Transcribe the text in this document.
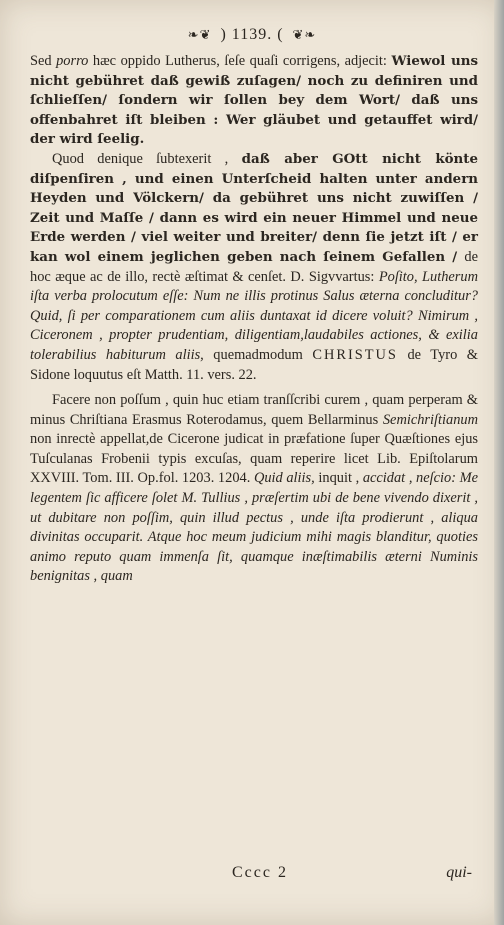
❧❦ ) 1139. ( ❦❧

Sed porro hæc oppido Lutherus, ſeſe quaſi corrigens, adjecit: Wiewol uns nicht gebühret daß gewiß zuſagen/ noch zu definiren und ſchlieſſen/ ſondern wir ſollen bey dem Wort/ daß uns offenbahret iſt bleiben : Wer gläubet und getauffet wird/ der wird ſeelig.

Quod denique ſubtexerit , daß aber GOtt nicht könte diſpenſiren , und einen Unterſcheid halten unter andern Heyden und Völckern/ da gebühret uns nicht zuwiſſen / Zeit und Maſſe / dann es wird ein neuer Himmel und neue Erde werden / viel weiter und breiter/ denn ſie jetzt iſt / er kan wol einem jeglichen geben nach ſeinem Gefallen / de hoc æque ac de illo, rectè æſtimat & cenſet. D. Sigvvartus: Poſito, Lutherum iſta verba prolocutum eſſe: Num ne illis protinus Salus æterna concluditur? Quid, ſi per comparationem cum aliis duntaxat id dicere voluit? Nimirum , Ciceronem , propter prudentiam, diligentiam,laudabiles actiones, & exilia tolerabilius habiturum aliis, quemadmodum CHRISTUS de Tyro & Sidone loquutus eſt Matth. 11. vers. 22.

Facere non poſſum , quin huc etiam tranſſcribi curem , quam perperam & minus Chriſtiana Erasmus Roterodamus, quem Bellarminus Semichriſtianum non inrectè appellat,de Cicerone judicat in præfatione ſuper Quæſtiones ejus Tuſculanas Frobenii typis excuſas, quam reperire licet Lib. Epiſtolarum XXVIII. Tom. III. Op.fol. 1203. 1204. Quid aliis, inquit , accidat , neſcio: Me legentem ſic afficere ſolet M. Tullius , præſertim ubi de bene vivendo dixerit , ut dubitare non poſſim, quin illud pectus , unde iſta prodierunt , aliqua divinitas occuparit. Atque hoc meum judicium mihi magis blanditur, quoties animo reputo quam immenſa ſit, quamque inæſtimabilis æterni Numinis benignitas , quam

Cccc 2	qui-
